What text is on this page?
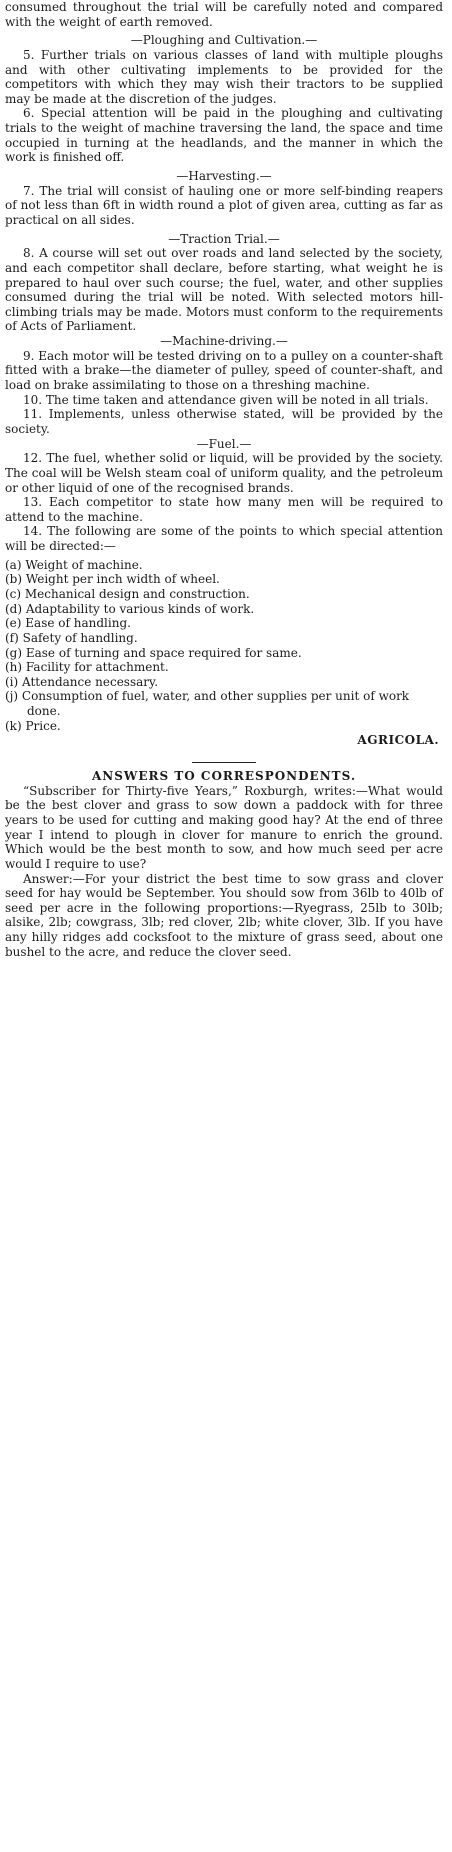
consumed throughout the trial will be carefully noted and compared with the weight of earth removed.

—Ploughing and Cultivation.—

5. Further trials on various classes of land with multiple ploughs and with other cultivating implements to be provided for the competitors with which they may wish their tractors to be supplied may be made at the discretion of the judges.

6. Special attention will be paid in the ploughing and cultivating trials to the weight of machine traversing the land, the space and time occupied in turning at the headlands, and the manner in which the work is finished off.

—Harvesting.—

7. The trial will consist of hauling one or more self-binding reapers of not less than 6ft in width round a plot of given area, cutting as far as practical on all sides.

—Traction Trial.—

8. A course will set out over roads and land selected by the society, and each competitor shall declare, before starting, what weight he is prepared to haul over such course; the fuel, water, and other supplies consumed during the trial will be noted. With selected motors hill-climbing trials may be made. Motors must conform to the requirements of Acts of Parliament.

—Machine-driving.—

9. Each motor will be tested driving on to a pulley on a counter-shaft fitted with a brake—the diameter of pulley, speed of counter-shaft, and load on brake assimilating to those on a threshing machine.

10. The time taken and attendance given will be noted in all trials.

11. Implements, unless otherwise stated, will be provided by the society.

—Fuel.—

12. The fuel, whether solid or liquid, will be provided by the society. The coal will be Welsh steam coal of uniform quality, and the petroleum or other liquid of one of the recognised brands.

13. Each competitor to state how many men will be required to attend to the machine.

14. The following are some of the points to which special attention will be directed:—

(a) Weight of machine.

(b) Weight per inch width of wheel.

(c) Mechanical design and construction.

(d) Adaptability to various kinds of work.

(e) Ease of handling.

(f) Safety of handling.

(g) Ease of turning and space required for same.

(h) Facility for attachment.

(i) Attendance necessary.

(j) Consumption of fuel, water, and other supplies per unit of work done.

(k) Price.

AGRICOLA.

ANSWERS TO CORRESPONDENTS.

“Subscriber for Thirty-five Years,” Roxburgh, writes:—What would be the best clover and grass to sow down a paddock with for three years to be used for cutting and making good hay? At the end of three year I intend to plough in clover for manure to enrich the ground. Which would be the best month to sow, and how much seed per acre would I require to use?

Answer:—For your district the best time to sow grass and clover seed for hay would be September. You should sow from 36lb to 40lb of seed per acre in the following proportions:—Ryegrass, 25lb to 30lb; alsike, 2lb; cowgrass, 3lb; red clover, 2lb; white clover, 3lb. If you have any hilly ridges add cocksfoot to the mixture of grass seed, about one bushel to the acre, and reduce the clover seed.
